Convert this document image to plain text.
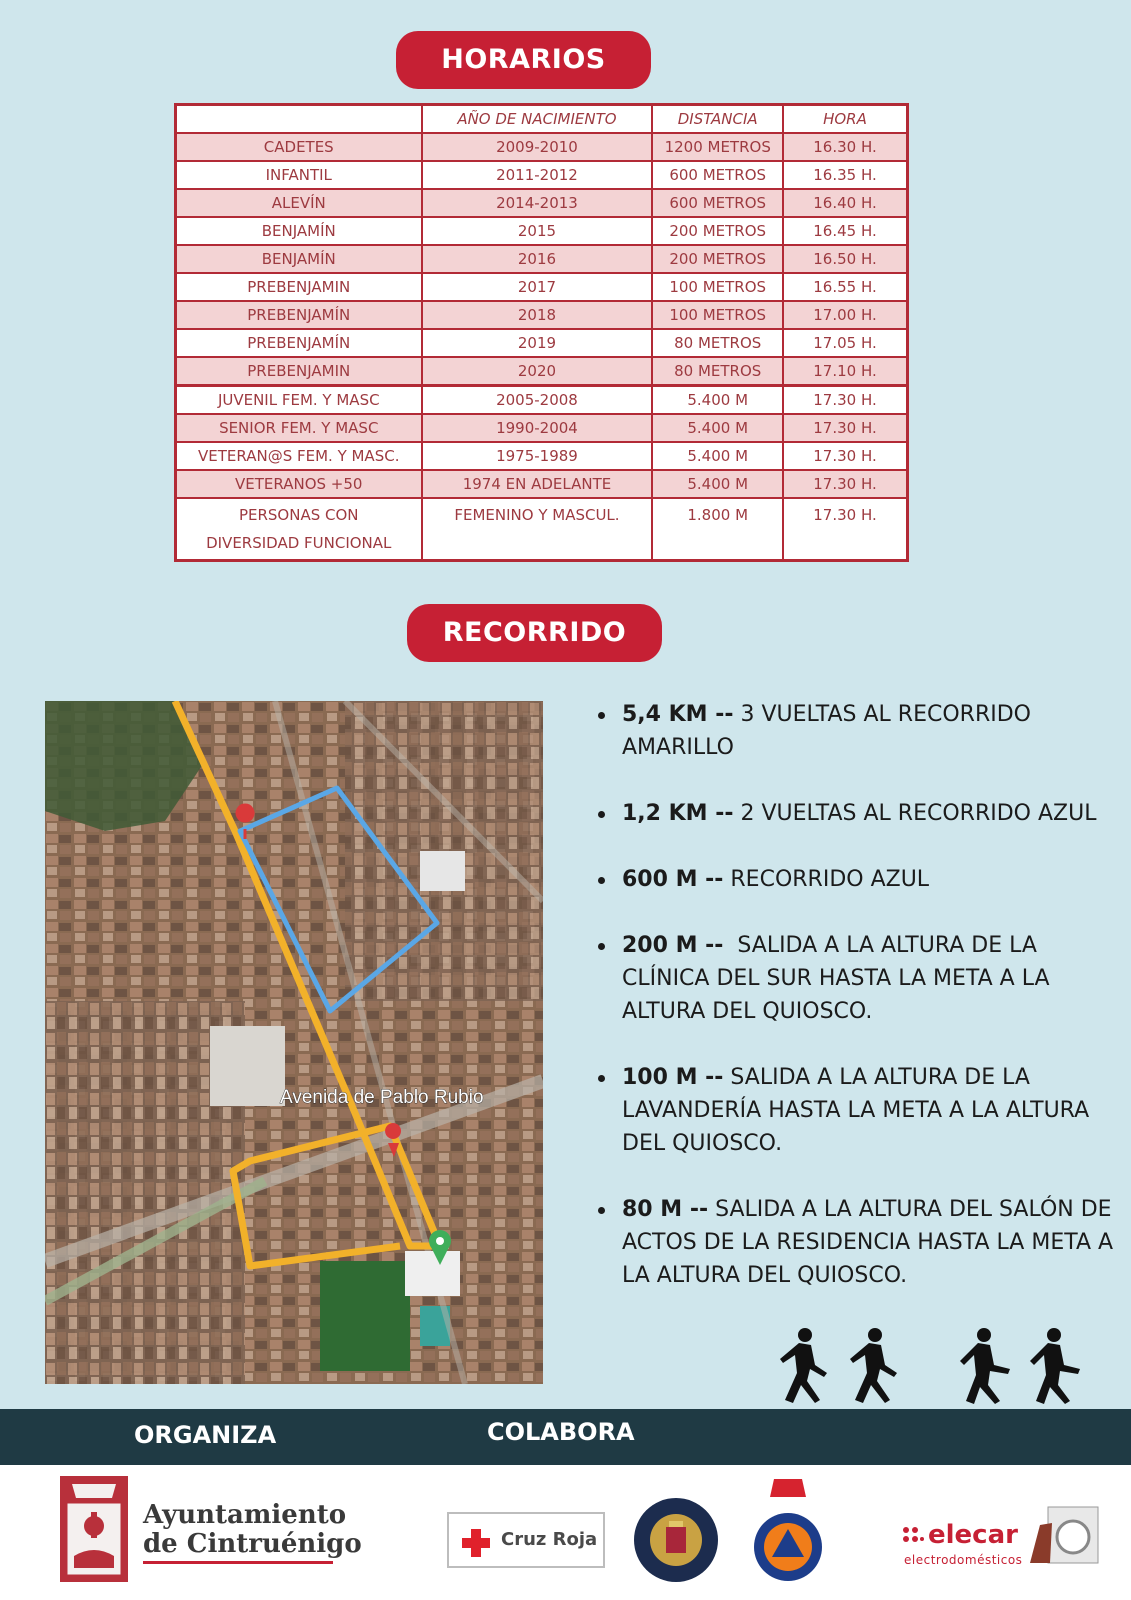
HORARIOS
	AÑO DE NACIMIENTO	DISTANCIA	HORA
CADETES	2009-2010	1200 METROS	16.30 H.
INFANTIL	2011-2012	600 METROS	16.35 H.
ALEVÍN	2014-2013	600 METROS	16.40 H.
BENJAMÍN	2015	200 METROS	16.45 H.
BENJAMÍN	2016	200 METROS	16.50 H.
PREBENJAMIN	2017	100 METROS	16.55 H.
PREBENJAMÍN	2018	100 METROS	17.00 H.
PREBENJAMÍN	2019	80 METROS	17.05 H.
PREBENJAMIN	2020	80 METROS	17.10 H.
JUVENIL FEM. Y MASC	2005-2008	5.400 M	17.30 H.
SENIOR FEM. Y MASC	1990-2004	5.400 M	17.30 H.
VETERAN@S FEM. Y MASC.	1975-1989	5.400 M	17.30 H.
VETERANOS +50	1974 EN ADELANTE	5.400 M	17.30 H.

PERSONAS CON
DIVERSIDAD FUNCIONAL	FEMENINO Y MASCUL.	1.800 M	17.30 H.
RECORRIDO
Avenida de Pablo Rubio
5,4 KM -- 3 VUELTAS AL RECORRIDO AMARILLO
1,2 KM -- 2 VUELTAS AL RECORRIDO AZUL
600 M -- RECORRIDO AZUL
200 M --  SALIDA A LA ALTURA DE LA CLÍNICA DEL SUR HASTA LA META A LA ALTURA DEL QUIOSCO.
100 M -- SALIDA A LA ALTURA DE LA LAVANDERÍA HASTA LA META A LA ALTURA DEL QUIOSCO.
80 M -- SALIDA A LA ALTURA DEL SALÓN DE ACTOS DE LA RESIDENCIA HASTA LA META A LA ALTURA DEL QUIOSCO.
ORGANIZA	COLABORA
Ayuntamiento
de Cintruénigo	Cruz Roja	elecar
electrodomésticos
